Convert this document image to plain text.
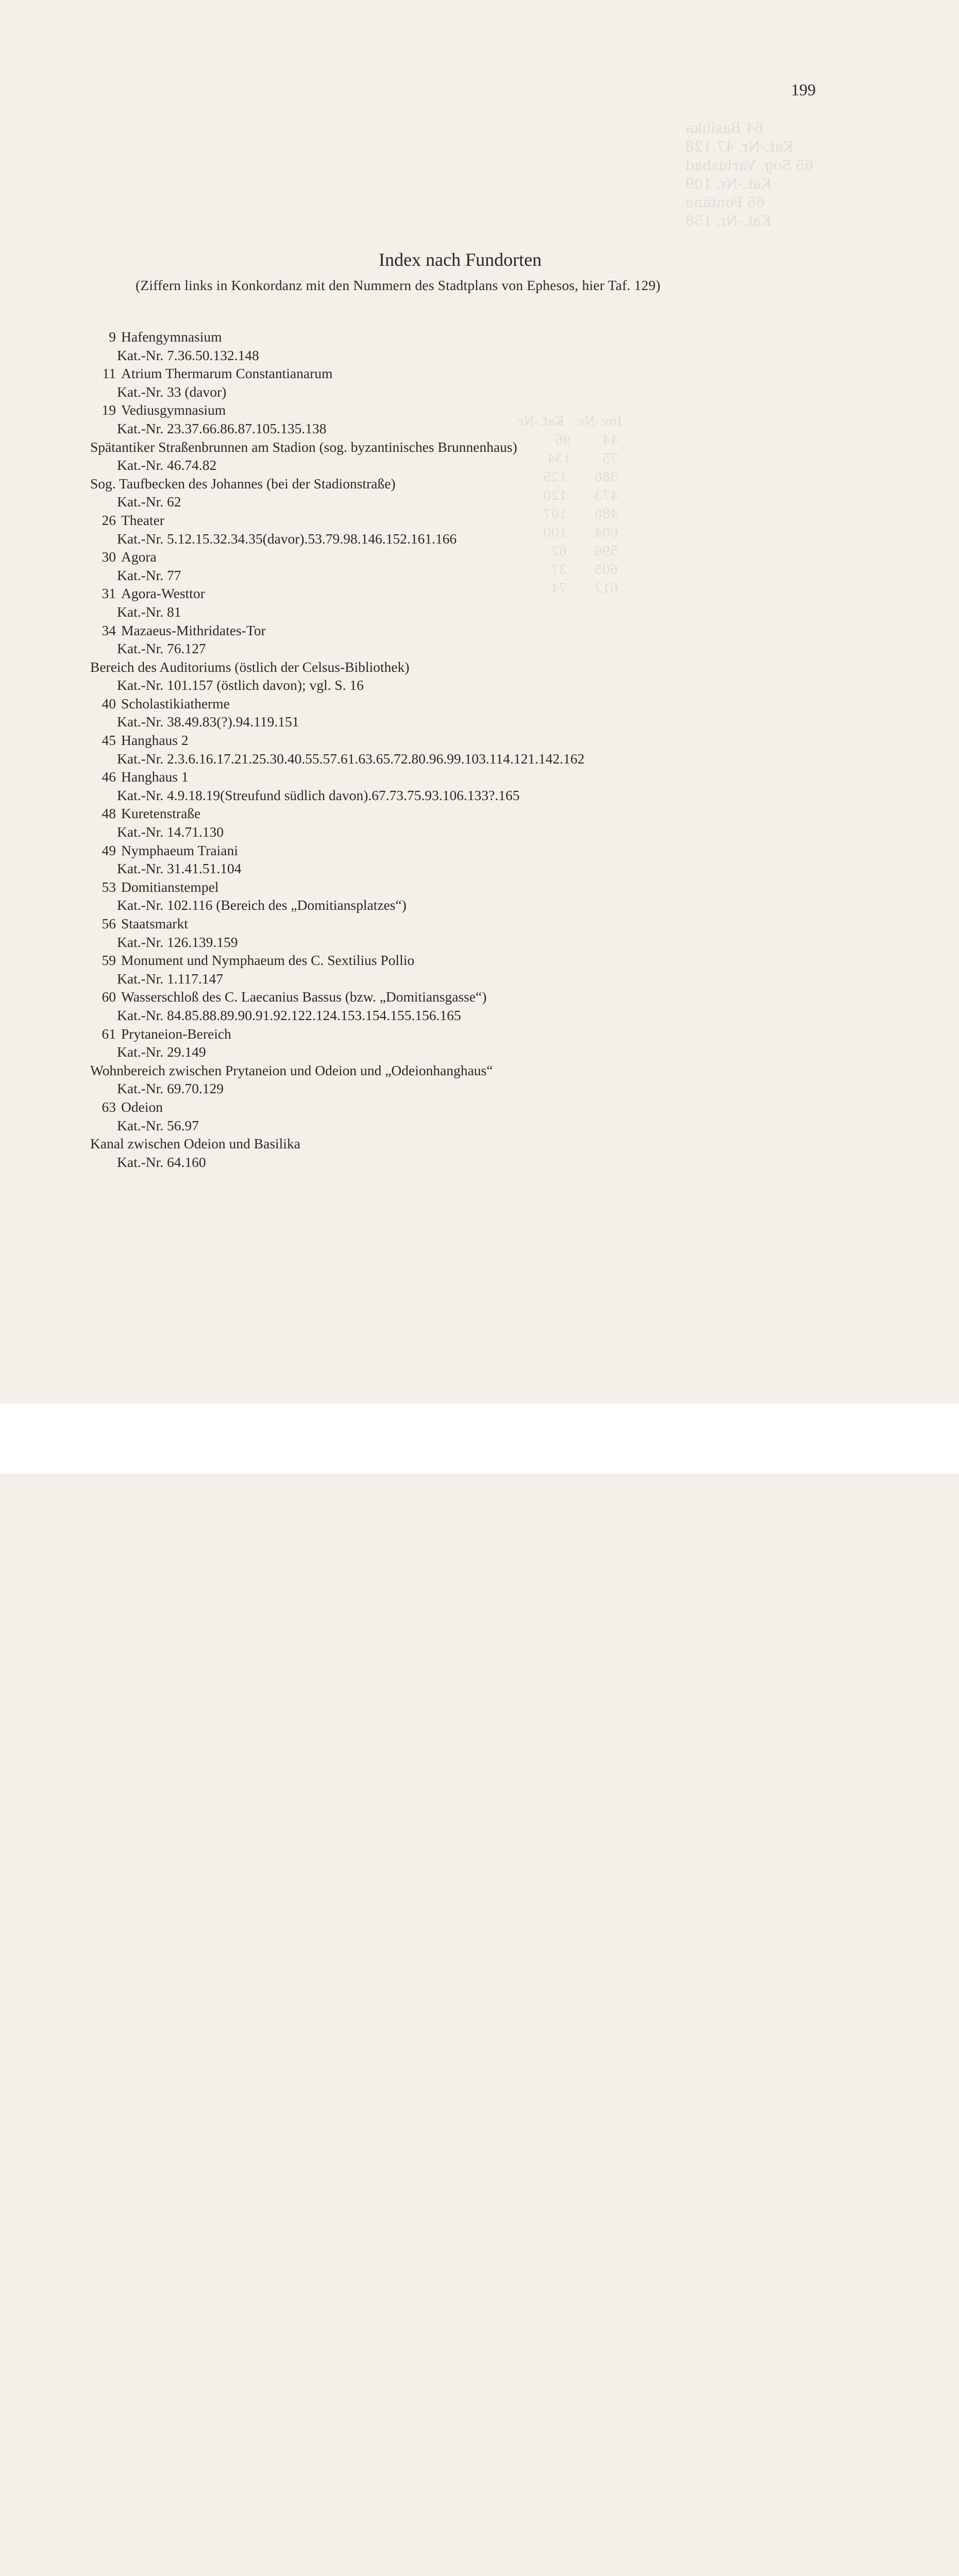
64 Basilika
Kat.-Nr. 47.128
65 Sog. Variusbad
Kat.-Nr. 109
66 Fontäne
Kat.-Nr. 158
Inv.-Nr.   Kat.-Nr.
44        96
75        134
386       125
473       120
480       107
604       100
596       62
605       37
612       74
199
Index nach Fundorten
(Ziffern links in Konkordanz mit den Nummern des Stadtplans von Ephesos, hier Taf. 129)
9 Hafengymnasium
Kat.-Nr. 7.36.50.132.148
11 Atrium Thermarum Constantianarum
Kat.-Nr. 33 (davor)
19 Vediusgymnasium
Kat.-Nr. 23.37.66.86.87.105.135.138
Spätantiker Straßenbrunnen am Stadion (sog. byzantinisches Brunnenhaus)
Kat.-Nr. 46.74.82
Sog. Taufbecken des Johannes (bei der Stadionstraße)
Kat.-Nr. 62
26 Theater
Kat.-Nr. 5.12.15.32.34.35(davor).53.79.98.146.152.161.166
30 Agora
Kat.-Nr. 77
31 Agora-Westtor
Kat.-Nr. 81
34 Mazaeus-Mithridates-Tor
Kat.-Nr. 76.127
Bereich des Auditoriums (östlich der Celsus-Bibliothek)
Kat.-Nr. 101.157 (östlich davon); vgl. S. 16
40 Scholastikiatherme
Kat.-Nr. 38.49.83(?).94.119.151
45 Hanghaus 2
Kat.-Nr. 2.3.6.16.17.21.25.30.40.55.57.61.63.65.72.80.96.99.103.114.121.142.162
46 Hanghaus 1
Kat.-Nr. 4.9.18.19(Streufund südlich davon).67.73.75.93.106.133?.165
48 Kuretenstraße
Kat.-Nr. 14.71.130
49 Nymphaeum Traiani
Kat.-Nr. 31.41.51.104
53 Domitianstempel
Kat.-Nr. 102.116 (Bereich des „Domitiansplatzes“)
56 Staatsmarkt
Kat.-Nr. 126.139.159
59 Monument und Nymphaeum des C. Sextilius Pollio
Kat.-Nr. 1.117.147
60 Wasserschloß des C. Laecanius Bassus (bzw. „Domitiansgasse“)
Kat.-Nr. 84.85.88.89.90.91.92.122.124.153.154.155.156.165
61 Prytaneion-Bereich
Kat.-Nr. 29.149
Wohnbereich zwischen Prytaneion und Odeion und „Odeionhanghaus“
Kat.-Nr. 69.70.129
63 Odeion
Kat.-Nr. 56.97
Kanal zwischen Odeion und Basilika
Kat.-Nr. 64.160
